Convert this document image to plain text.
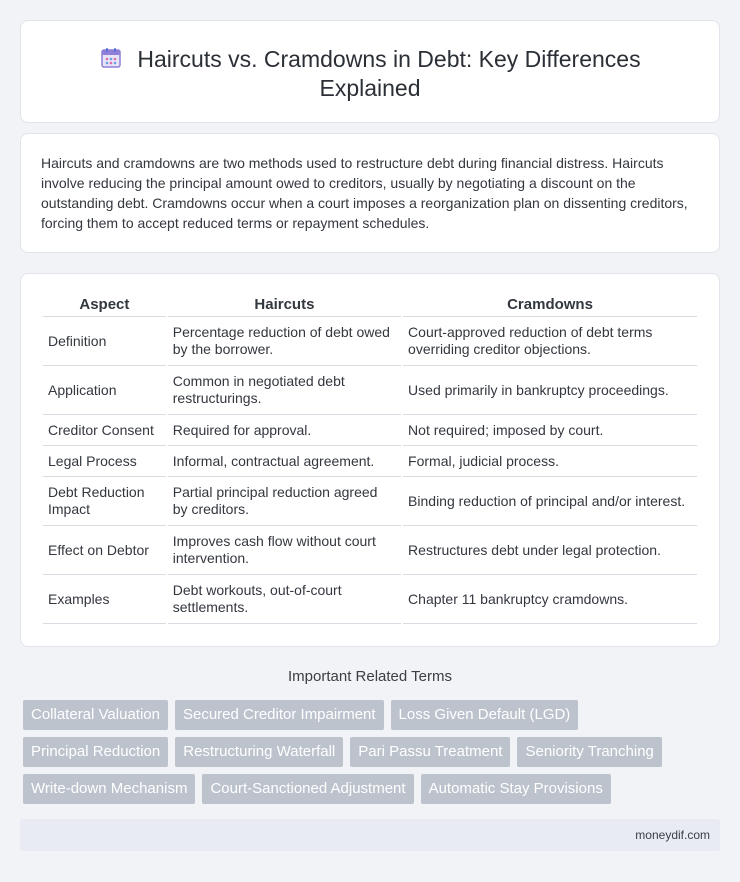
Haircuts vs. Cramdowns in Debt: Key Differences Explained

Haircuts and cramdowns are two methods used to restructure debt during financial distress. Haircuts involve reducing the principal amount owed to creditors, usually by negotiating a discount on the outstanding debt. Cramdowns occur when a court imposes a reorganization plan on dissenting creditors, forcing them to accept reduced terms or repayment schedules.

Aspect	Haircuts	Cramdowns
Definition	Percentage reduction of debt owed by the borrower.	Court-approved reduction of debt terms overriding creditor objections.
Application	Common in negotiated debt restructurings.	Used primarily in bankruptcy proceedings.
Creditor Consent	Required for approval.	Not required; imposed by court.
Legal Process	Informal, contractual agreement.	Formal, judicial process.
Debt Reduction Impact	Partial principal reduction agreed by creditors.	Binding reduction of principal and/or interest.
Effect on Debtor	Improves cash flow without court intervention.	Restructures debt under legal protection.
Examples	Debt workouts, out-of-court settlements.	Chapter 11 bankruptcy cramdowns.
Important Related Terms
Collateral Valuation	Secured Creditor Impairment	Loss Given Default (LGD)
Principal Reduction	Restructuring Waterfall	Pari Passu Treatment	Seniority Tranching
Write-down Mechanism	Court-Sanctioned Adjustment	Automatic Stay Provisions
moneydif.com
